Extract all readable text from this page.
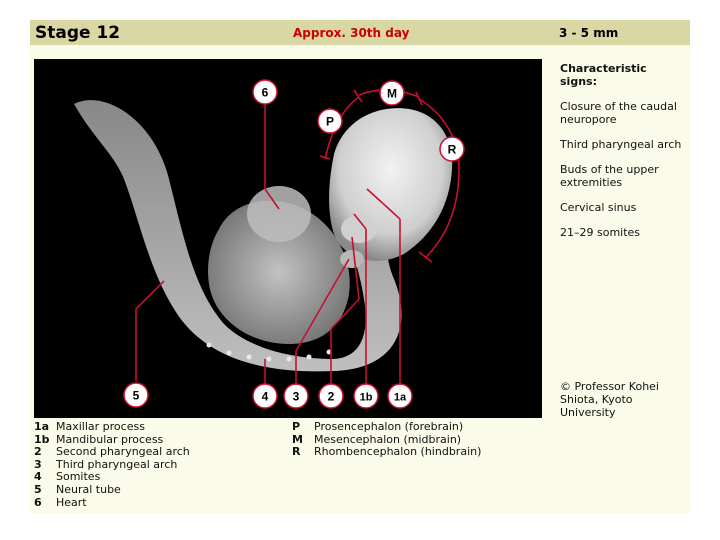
Stage 12	Approx. 30th day	3 - 5 mm
6	M
P
R
5	4 3 2 1b 1a
Characteristic signs:
Closure of the caudal neuropore
Third pharyngeal arch
Buds of the upper extremities
Cervical sinus
21–29 somites
© Professor Kohei Shiota, Kyoto University
1a Maxillar process
1b Mandibular process
2	Second pharyngeal arch
3	Third pharyngeal arch
4	Somites
5	Neural tube
6	Heart
P	Prosencephalon (forebrain)
M	Mesencephalon (midbrain)
R	Rhombencephalon (hindbrain)
